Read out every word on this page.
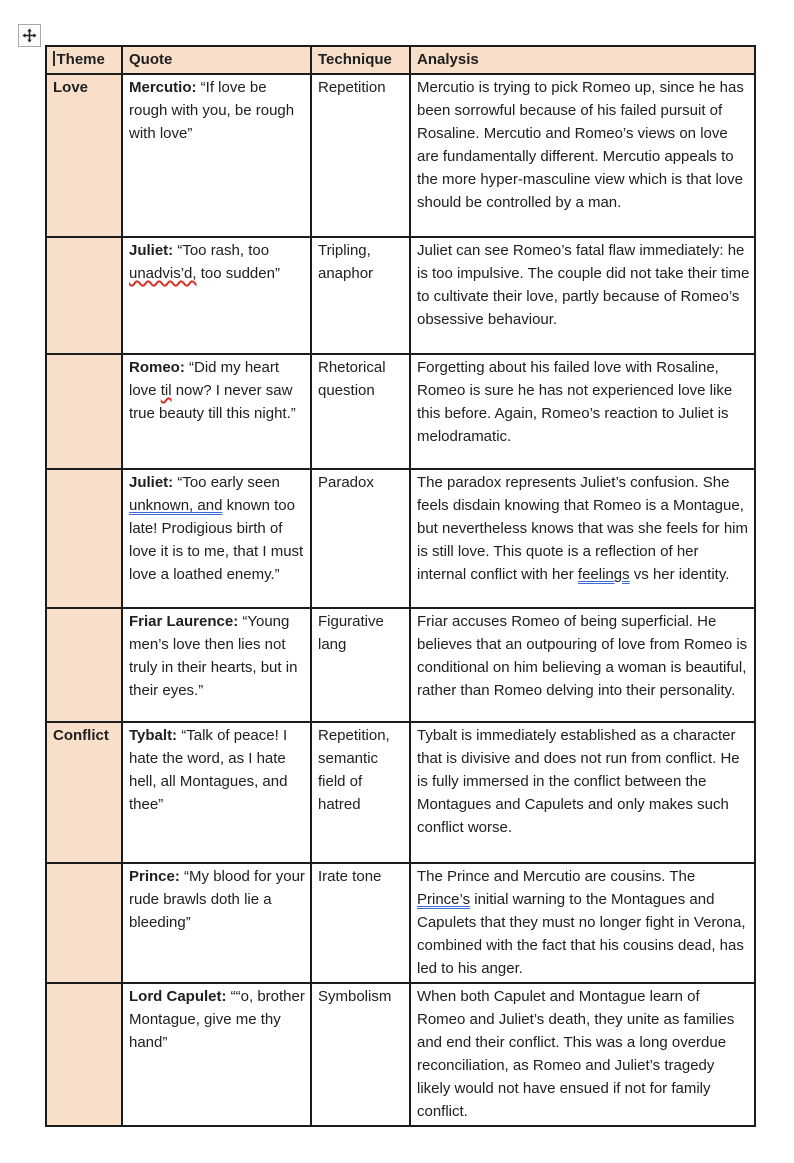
Theme	Quote	Technique	Analysis
Love	Mercutio: “If love be rough with you, be rough with love”	Repetition	Mercutio is trying to pick Romeo up, since he has been sorrowful because of his failed pursuit of Rosaline. Mercutio and Romeo’s views on love are fundamentally different. Mercutio appeals to the more hyper-masculine view which is that love should be controlled by a man.
	Juliet: “Too rash, too unadvis’d, too sudden”	Tripling, anaphor	Juliet can see Romeo’s fatal flaw immediately: he is too impulsive. The couple did not take their time to cultivate their love, partly because of Romeo’s obsessive behaviour.
	Romeo: “Did my heart love til now? I never saw true beauty till this night.”	Rhetorical question	Forgetting about his failed love with Rosaline, Romeo is sure he has not experienced love like this before. Again, Romeo’s reaction to Juliet is melodramatic.
	Juliet: “Too early seen unknown, and known too late! Prodigious birth of love it is to me, that I must love a loathed enemy.”	Paradox	The paradox represents Juliet’s confusion. She feels disdain knowing that Romeo is a Montague, but nevertheless knows that was she feels for him is still love. This quote is a reflection of her internal conflict with her feelings vs her identity.
	Friar Laurence: “Young men’s love then lies not truly in their hearts, but in their eyes.”	Figurative lang	Friar accuses Romeo of being superficial. He believes that an outpouring of love from Romeo is conditional on him believing a woman is beautiful, rather than Romeo delving into their personality.
Conflict	Tybalt: “Talk of peace! I hate the word, as I hate hell, all Montagues, and thee”	Repetition, semantic field of hatred	Tybalt is immediately established as a character that is divisive and does not run from conflict. He is fully immersed in the conflict between the Montagues and Capulets and only makes such conflict worse.
	Prince: “My blood for your rude brawls doth lie a bleeding”	Irate tone	The Prince and Mercutio are cousins. The Prince’s initial warning to the Montagues and Capulets that they must no longer fight in Verona, combined with the fact that his cousins dead, has led to his anger.
	Lord Capulet: ““o, brother Montague, give me thy hand”	Symbolism	When both Capulet and Montague learn of Romeo and Juliet’s death, they unite as families and end their conflict. This was a long overdue reconciliation, as Romeo and Juliet’s tragedy likely would not have ensued if not for family conflict.
